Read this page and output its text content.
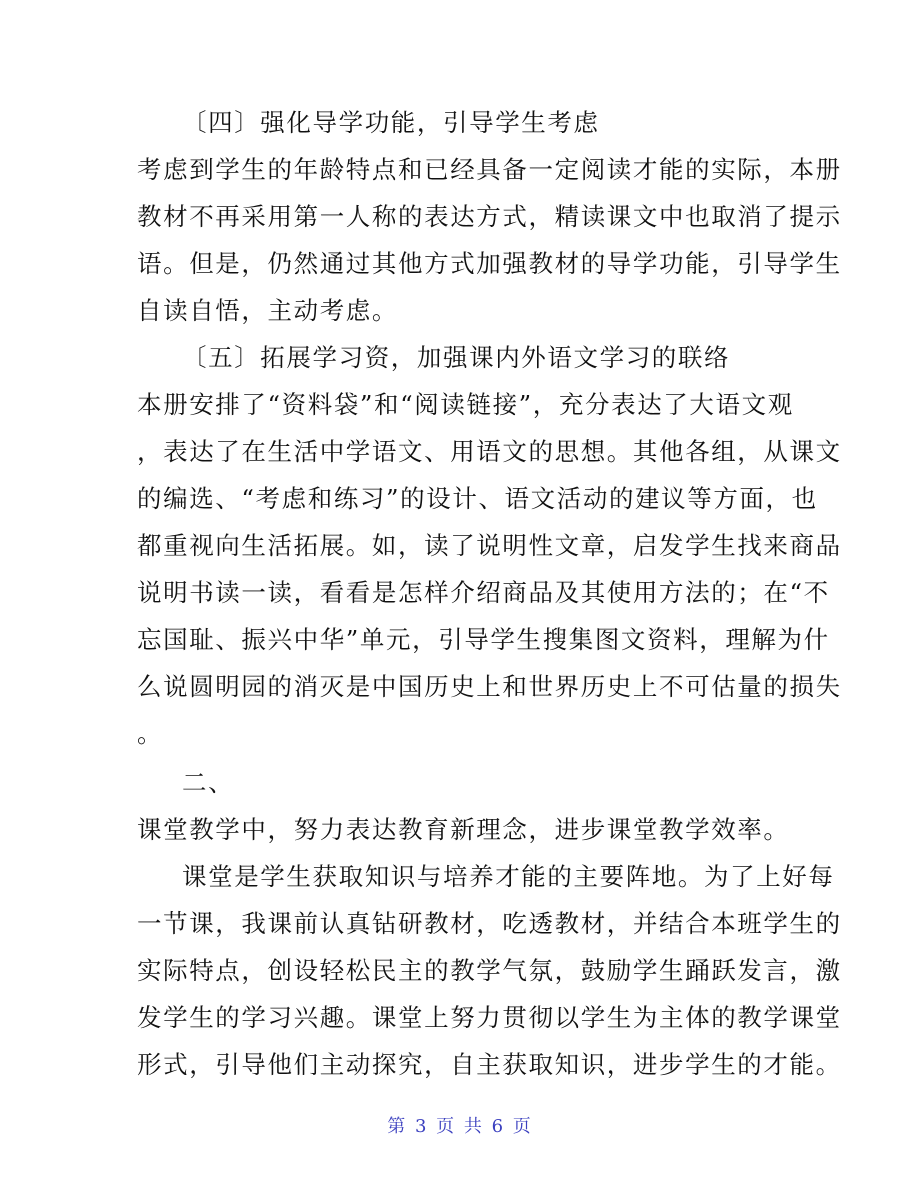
〔四〕强化导学功能，引导学生考虑
考虑到学生的年龄特点和已经具备一定阅读才能的实际，本册
教材不再采用第一人称的表达方式，精读课文中也取消了提示
语。但是，仍然通过其他方式加强教材的导学功能，引导学生
自读自悟，主动考虑。
〔五〕拓展学习资，加强课内外语文学习的联络
本册安排了“资料袋”和“阅读链接”，充分表达了大语文观
，表达了在生活中学语文、用语文的思想。其他各组，从课文
的编选、“考虑和练习”的设计、语文活动的建议等方面，也
都重视向生活拓展。如，读了说明性文章，启发学生找来商品
说明书读一读，看看是怎样介绍商品及其使用方法的；在“不
忘国耻、振兴中华”单元，引导学生搜集图文资料，理解为什
么说圆明园的消灭是中国历史上和世界历史上不可估量的损失
。
二、
课堂教学中，努力表达教育新理念，进步课堂教学效率。
课堂是学生获取知识与培养才能的主要阵地。为了上好每
一节课，我课前认真钻研教材，吃透教材，并结合本班学生的
实际特点，创设轻松民主的教学气氛，鼓励学生踊跃发言，激
发学生的学习兴趣。课堂上努力贯彻以学生为主体的教学课堂
形式，引导他们主动探究，自主获取知识，进步学生的才能。
第 3 页 共 6 页
